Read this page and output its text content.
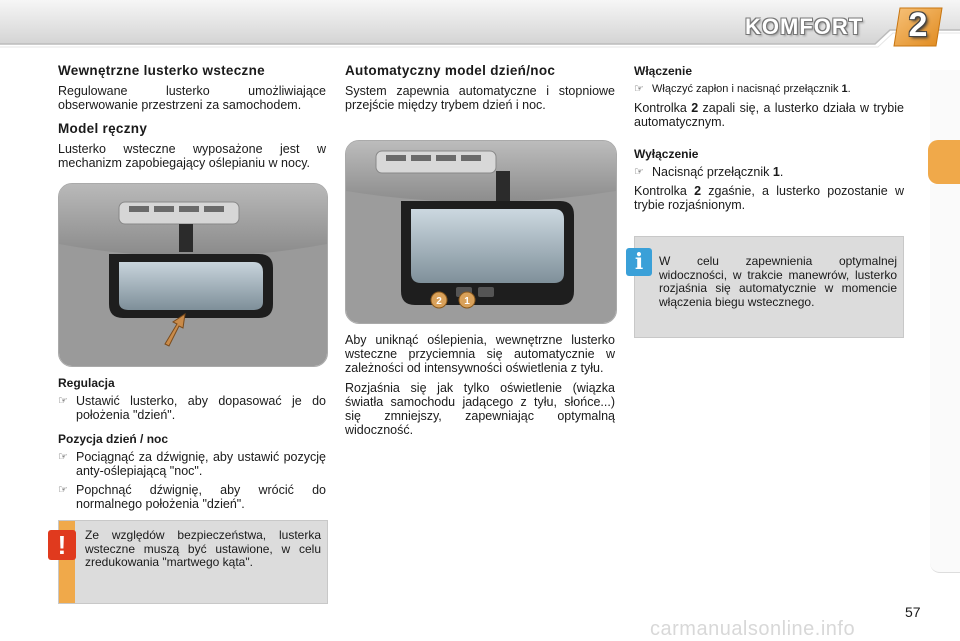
KOMFORT	2
Wewnętrzne lusterko wsteczne

Regulowane lusterko umożliwiające obserwowanie przestrzeni za samochodem.

Model ręczny

Lusterko wsteczne wyposażone jest w mechanizm zapobiegający oślepianiu w nocy.

Regulacja
☞ Ustawić lusterko, aby dopasować je do położenia "dzień".
Pozycja dzień / noc
☞ Pociągnąć za dźwignię, aby ustawić pozycję anty-oślepiającą "noc".
☞ Popchnąć dźwignię, aby wrócić do normalnego położenia "dzień".
Ze względów bezpieczeństwa, lusterka wsteczne muszą być ustawione, w celu zredukowania "martwego kąta".
!
Automatyczny model dzień/noc

System zapewnia automatyczne i stopniowe przejście między trybem dzień i noc.

2 1

Aby uniknąć oślepienia, wewnętrzne lusterko wsteczne przyciemnia się automatycznie w zależności od intensywności oświetlenia z tyłu.

Rozjaśnia się jak tylko oświetlenie (wiązka światła samochodu jadącego z tyłu, słońce...) się zmniejszy, zapewniając optymalną widoczność.

Włączenie
☞ Włączyć zapłon i nacisnąć przełącznik 1.

Kontrolka 2 zapali się, a lusterko działa w trybie automatycznym.

Wyłączenie
☞ Nacisnąć przełącznik 1.

Kontrolka 2 zgaśnie, a lusterko pozostanie w trybie rozjaśnionym.

W celu zapewnienia optymalnej widoczności, w trakcie manewrów, lusterko rozjaśnia się automatycznie w momencie włączenia biegu wstecznego.
i
carmanualsonline.info
57
